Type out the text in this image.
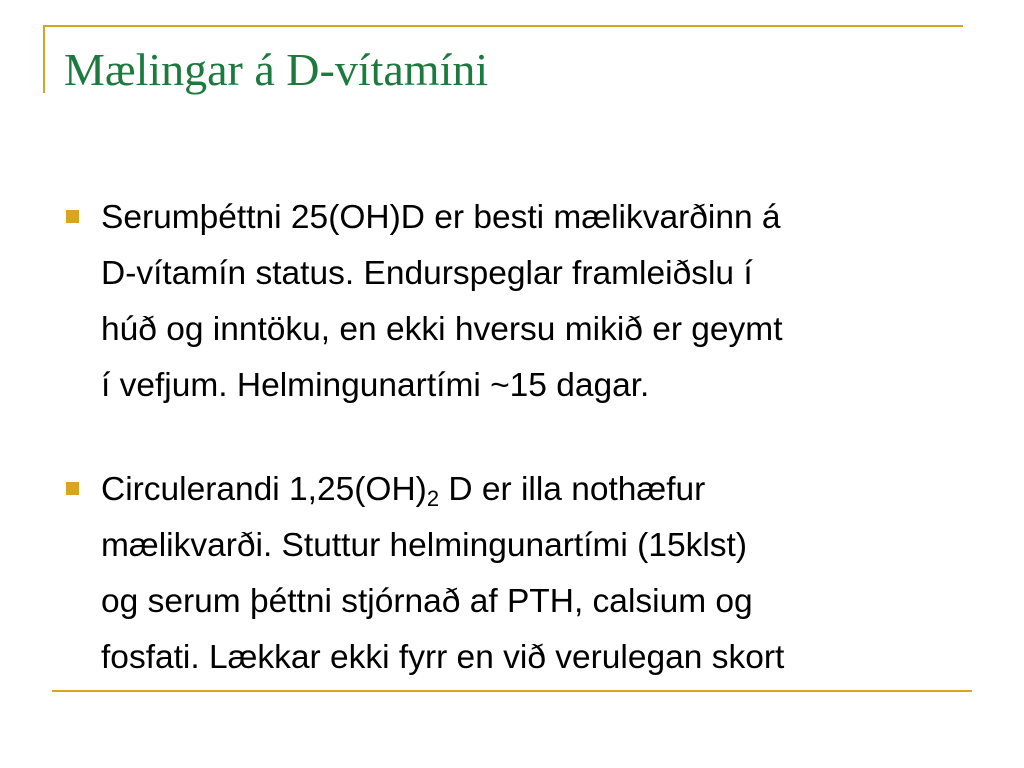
Mælingar á D-vítamíni
Serumþéttni 25(OH)D er besti mælikvarðinn á
D-vítamín status. Endurspeglar framleiðslu í
húð og inntöku, en ekki hversu mikið er geymt
í vefjum. Helmingunartími ~15 dagar.
Circulerandi $1,25(OH)_2$ D er illa nothæfur
mælikvarði. Stuttur helmingunartími (15klst)
og serum þéttni stjórnað af PTH, calsium og
fosfati. Lækkar ekki fyrr en við verulegan skort
